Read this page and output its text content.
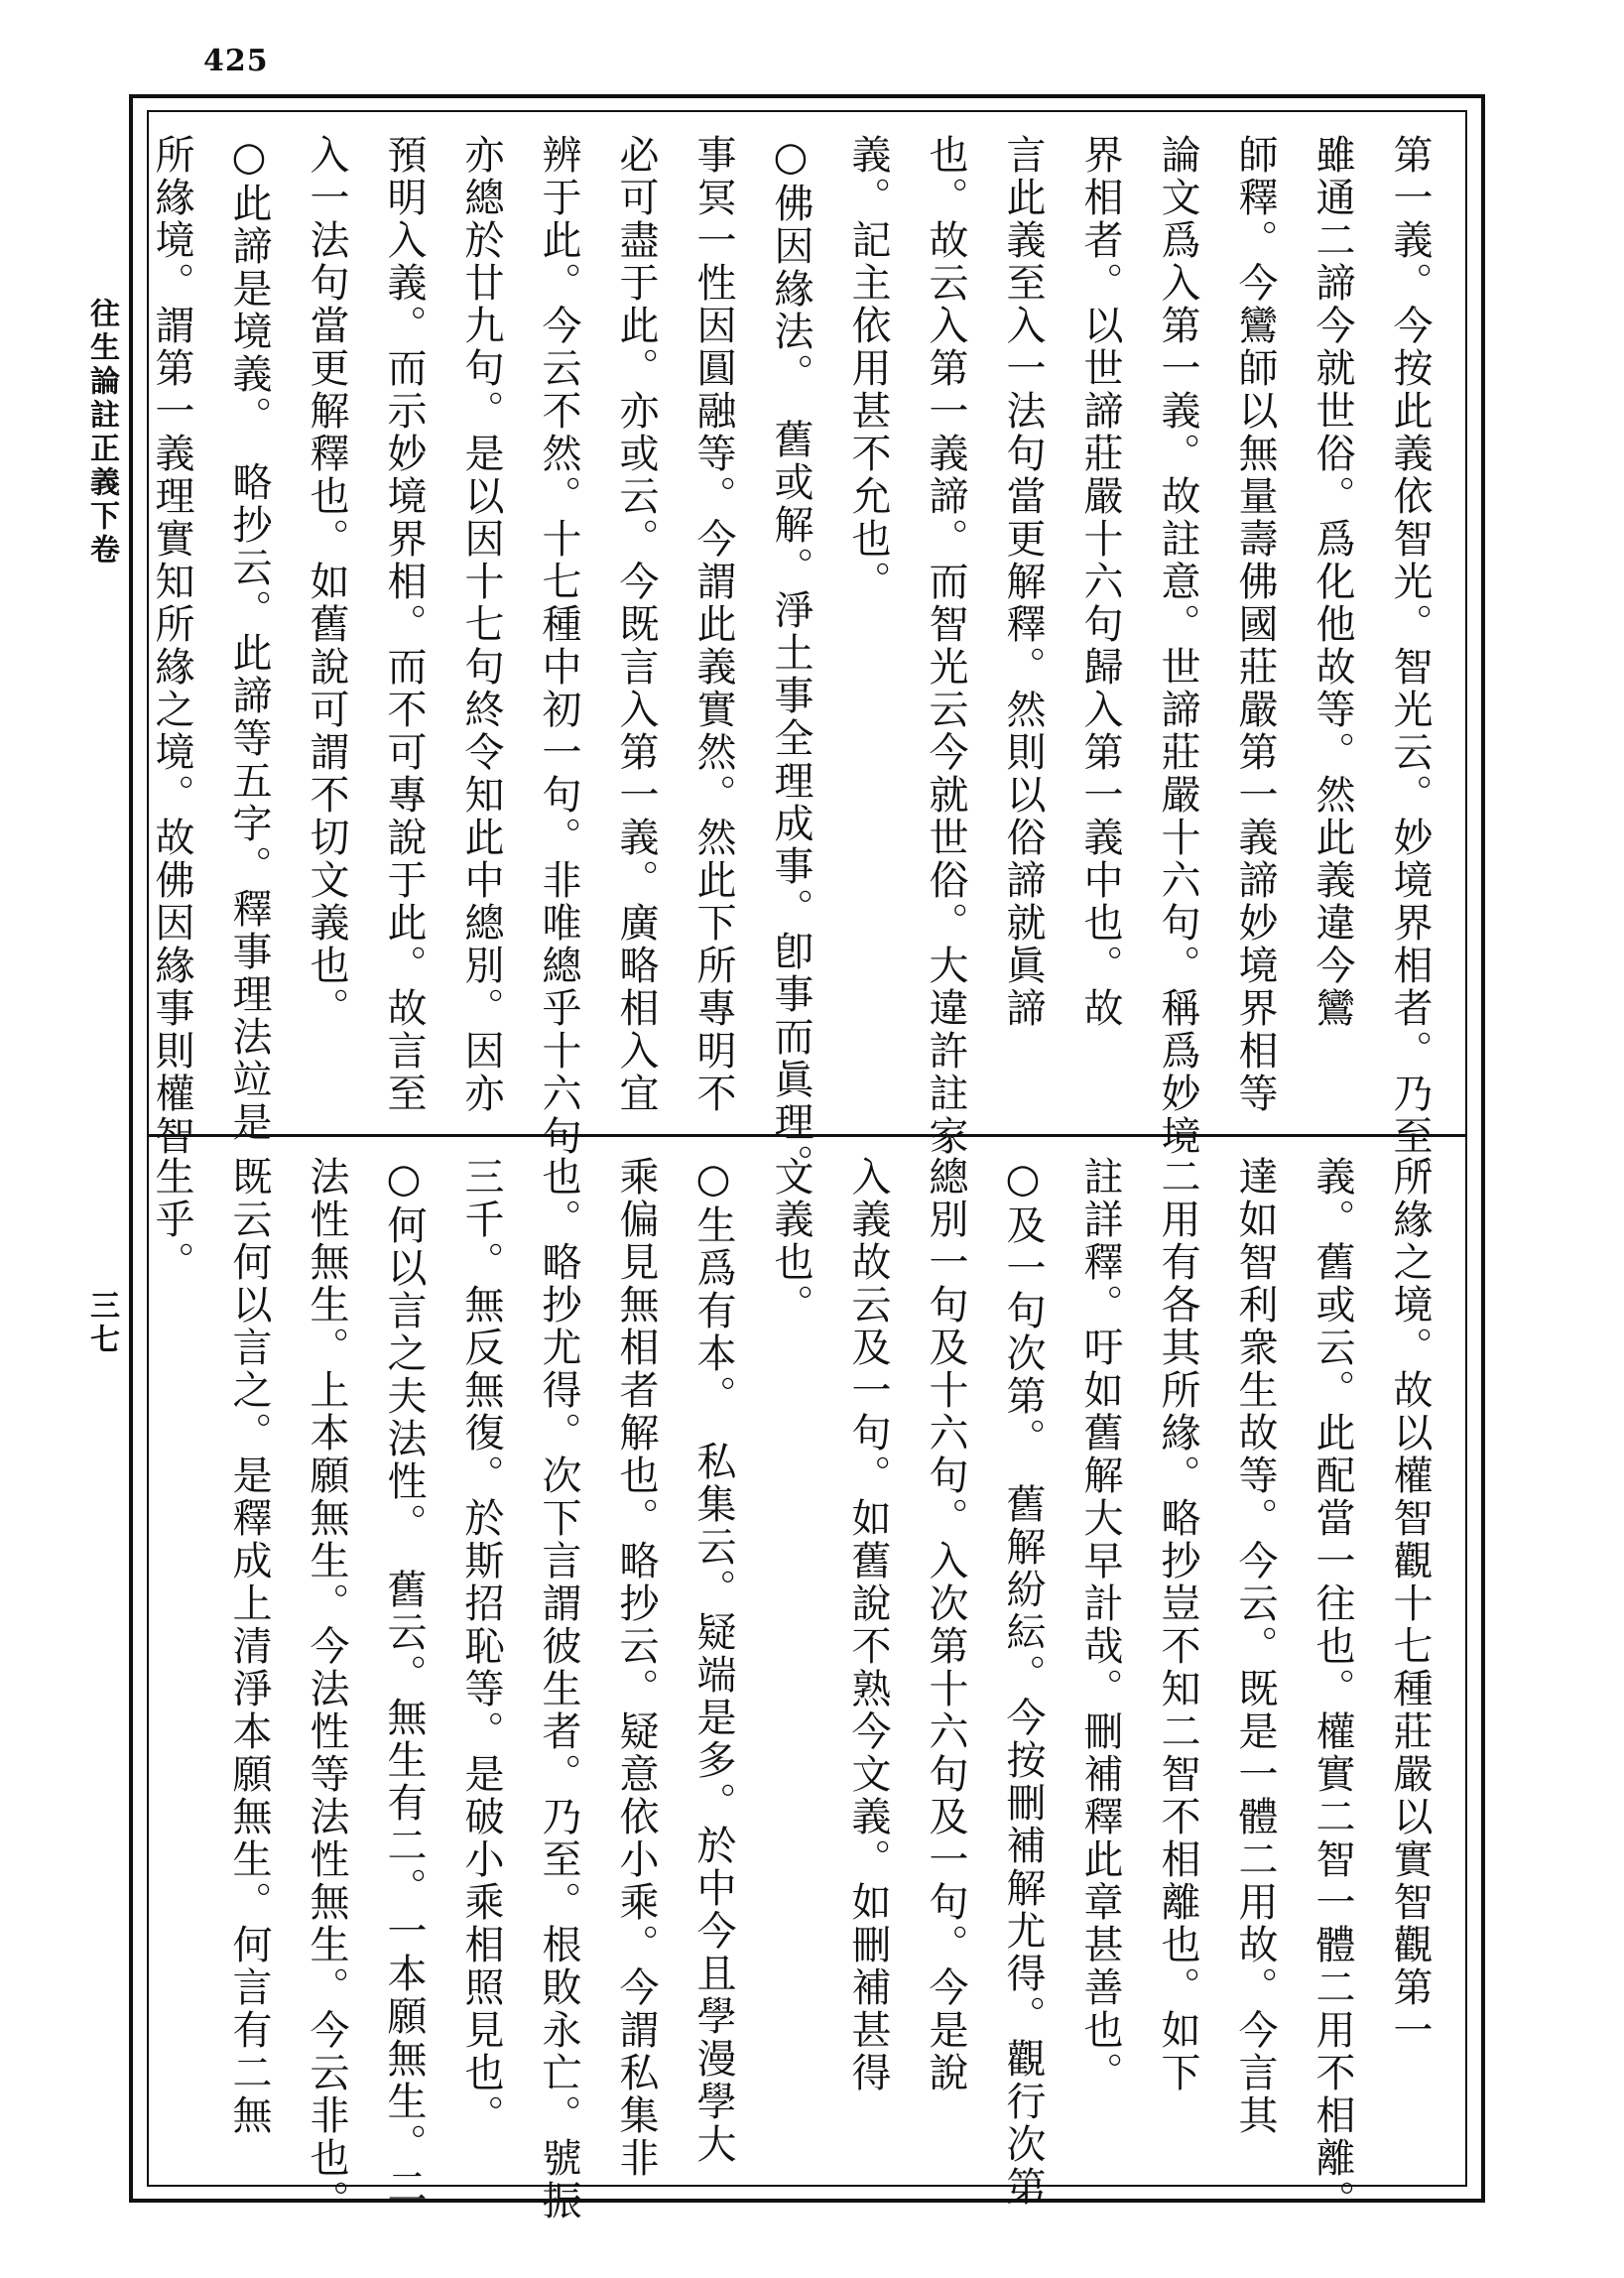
425
往生論註正義下卷
三七
第一義。今按此義依智光。智光云。妙境界相者。乃至。
雖通二諦今就世俗。爲化他故等。然此義違今鸞
師釋。今鸞師以無量壽佛國莊嚴第一義諦妙境界相等
論文爲入第一義。故註意。世諦莊嚴十六句。稱爲妙境
界相者。以世諦莊嚴十六句歸入第一義中也。故
言此義至入一法句當更解釋。然則以俗諦就眞諦
也。故云入第一義諦。而智光云今就世俗。大違許註家
義。記主依用甚不允也。
○佛因緣法。　舊或解。淨土事全理成事。卽事而眞理。
事冥一性因圓融等。今謂此義實然。然此下所專明不
必可盡于此。亦或云。今既言入第一義。廣略相入宜
辨于此。今云不然。十七種中初一句。非唯總乎十六句
亦總於廿九句。是以因十七句終令知此中總別。因亦
預明入義。而示妙境界相。而不可專說于此。故言至
入一法句當更解釋也。如舊說可謂不切文義也。
○此諦是境義。　略抄云。此諦等五字。釋事理法竝是
所緣境。謂第一義理實知所緣之境。故佛因緣事則權智
所緣之境。故以權智觀十七種莊嚴以實智觀第一
義。舊或云。此配當一往也。權實二智一體二用不相離。
達如智利衆生故等。今云。既是一體二用故。今言其
二用有各其所緣。略抄豈不知二智不相離也。如下
註詳釋。吁如舊解大早計哉。刪補釋此章甚善也。
○及一句次第。　舊解紛紜。今按刪補解尤得。觀行次第
總別一句及十六句。入次第十六句及一句。今是說
入義故云及一句。如舊說不熟今文義。如刪補甚得
文義也。
○生爲有本。　私集云。疑端是多。於中今且學漫學大
乘偏見無相者解也。略抄云。疑意依小乘。今謂私集非
也。略抄尤得。次下言謂彼生者。乃至。根敗永亡。號振
三千。無反無復。於斯招恥等。是破小乘相照見也。
○何以言之夫法性。　舊云。無生有二。一本願無生。二
法性無生。上本願無生。今法性等法性無生。今云非也。
既云何以言之。是釋成上清淨本願無生。何言有二無
生乎。
